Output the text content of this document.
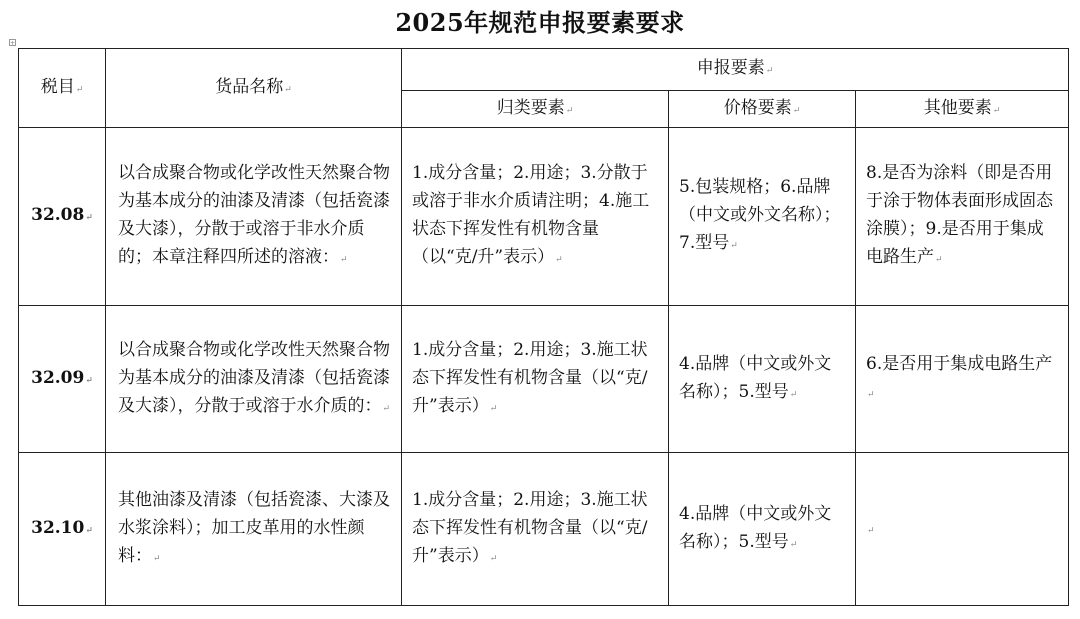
2025年规范申报要素要求
+
税目↵	货品名称↵	申报要素↵		
		归类要素↵	价格要素↵	其他要素↵
32.08↵	以合成聚合物或化学改性天然聚合物为基本成分的油漆及清漆（包括瓷漆及大漆），分散于或溶于非水介质的；本章注释四所述的溶液：↵	1.成分含量；2.用途；3.分散于或溶于非水介质请注明；4.施工状态下挥发性有机物含量（以“克/升”表示）↵	5.包装规格；6.品牌（中文或外文名称）；7.型号↵	8.是否为涂料（即是否用于涂于物体表面形成固态涂膜）；9.是否用于集成电路生产↵
32.09↵	以合成聚合物或化学改性天然聚合物为基本成分的油漆及清漆（包括瓷漆及大漆），分散于或溶于水介质的：↵	1.成分含量；2.用途；3.施工状态下挥发性有机物含量（以“克/升”表示）↵	4.品牌（中文或外文名称）；5.型号↵	6.是否用于集成电路生产↵
32.10↵	其他油漆及清漆（包括瓷漆、大漆及水浆涂料）；加工皮革用的水性颜料：↵	1.成分含量；2.用途；3.施工状态下挥发性有机物含量（以“克/升”表示）↵	4.品牌（中文或外文名称）；5.型号↵	↵
